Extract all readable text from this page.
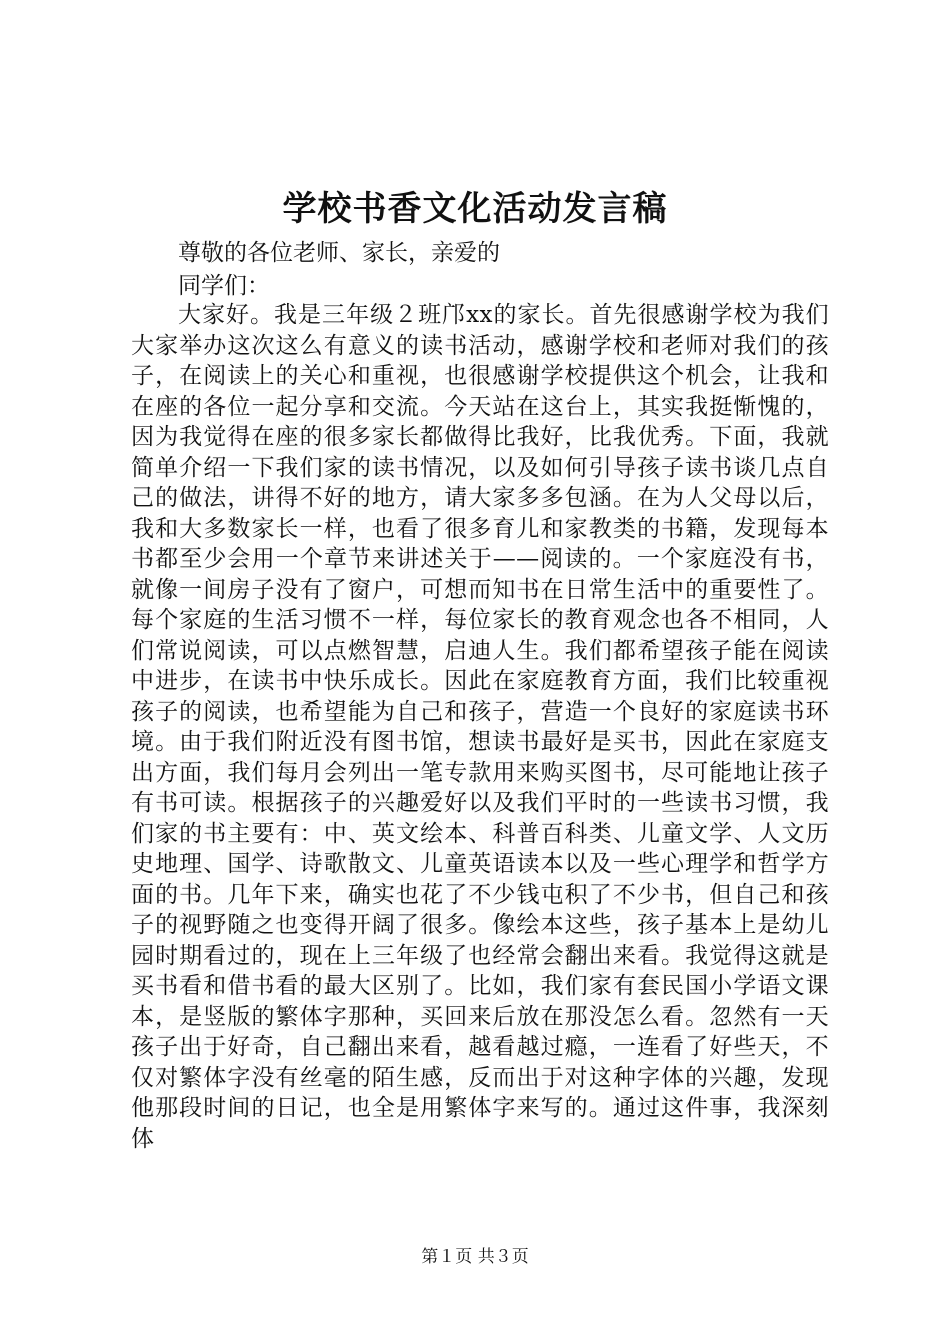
学校书香文化活动发言稿

尊敬的各位老师、家长，亲爱的

同学们：

大家好。我是三年级２班邝xx的家长。首先很感谢学校为我们大家举办这次这么有意义的读书活动，感谢学校和老师对我们的孩子，在阅读上的关心和重视，也很感谢学校提供这个机会，让我和在座的各位一起分享和交流。今天站在这台上，其实我挺惭愧的，因为我觉得在座的很多家长都做得比我好，比我优秀。下面，我就简单介绍一下我们家的读书情况，以及如何引导孩子读书谈几点自己的做法，讲得不好的地方，请大家多多包涵。在为人父母以后，我和大多数家长一样，也看了很多育儿和家教类的书籍，发现每本书都至少会用一个章节来讲述关于——阅读的。一个家庭没有书，就像一间房子没有了窗户，可想而知书在日常生活中的重要性了。每个家庭的生活习惯不一样，每位家长的教育观念也各不相同，人们常说阅读，可以点燃智慧，启迪人生。我们都希望孩子能在阅读中进步，在读书中快乐成长。因此在家庭教育方面，我们比较重视孩子的阅读，也希望能为自己和孩子，营造一个良好的家庭读书环境。由于我们附近没有图书馆，想读书最好是买书，因此在家庭支出方面，我们每月会列出一笔专款用来购买图书，尽可能地让孩子有书可读。根据孩子的兴趣爱好以及我们平时的一些读书习惯，我们家的书主要有：中、英文绘本、科普百科类、儿童文学、人文历史地理、国学、诗歌散文、儿童英语读本以及一些心理学和哲学方面的书。几年下来，确实也花了不少钱屯积了不少书，但自己和孩子的视野随之也变得开阔了很多。像绘本这些，孩子基本上是幼儿园时期看过的，现在上三年级了也经常会翻出来看。我觉得这就是买书看和借书看的最大区别了。比如，我们家有套民国小学语文课本，是竖版的繁体字那种，买回来后放在那没怎么看。忽然有一天孩子出于好奇，自己翻出来看，越看越过瘾，一连看了好些天，不仅对繁体字没有丝毫的陌生感，反而出于对这种字体的兴趣，发现他那段时间的日记，也全是用繁体字来写的。通过这件事，我深刻体

第１页 共３页
